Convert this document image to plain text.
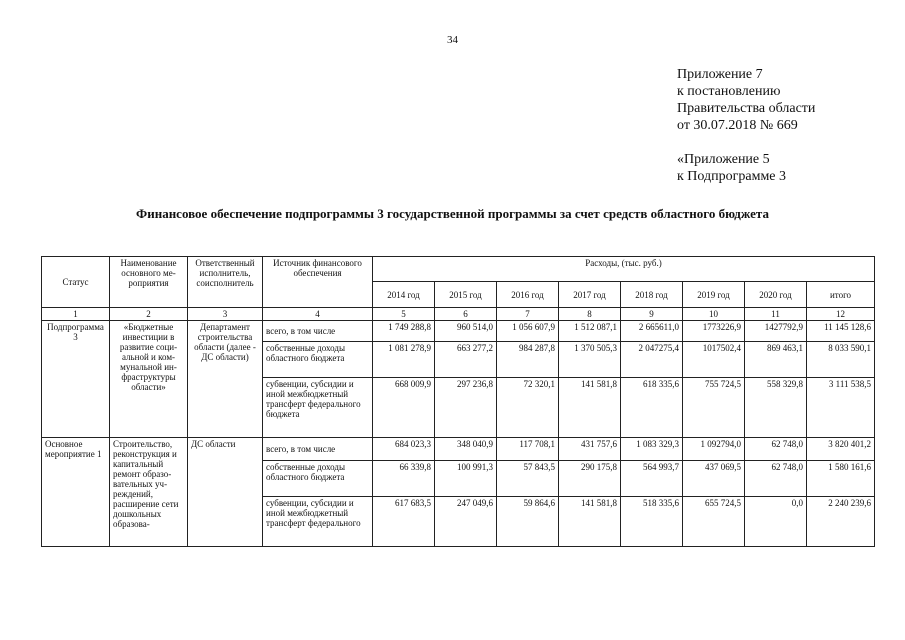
34
Приложение 7
к постановлению
Правительства области
от 30.07.2018 № 669
«Приложение 5
к Подпрограмме 3
Финансовое обеспечение подпрограммы 3 государственной программы за счет средств областного бюджета
Статус	Наименование основного мероприятия	Ответственный исполнитель, соисполнитель	Источник финансового обеспечения	Расходы, (тыс. руб.)							
				2014 год	2015 год	2016 год	2017 год	2018 год	2019 год	2020 год	итого
1	2	3	4	5	6	7	8	9	10	11	12
Подпрограмма 3	«Бюджетные инвестиции в развитие социальной и коммунальной инфраструктуры области»	Департамент строительства области (далее - ДС области)	всего, в том числе	1 749 288,8	960 514,0	1 056 607,9	1 512 087,1	2 665611,0	1773226,9	1427792,9	11 145 128,6
			собственные доходы областного бюджета	1 081 278,9	663 277,2	984 287,8	1 370 505,3	2 047275,4	1017502,4	869 463,1	8 033 590,1
			субвенции, субсидии и иной межбюджетный трансферт федерального бюджета	668 009,9	297 236,8	72 320,1	141 581,8	618 335,6	755 724,5	558 329,8	3 111 538,5
Основное мероприятие 1	Строительство, реконструкция и капитальный ремонт образовательных учреждений, расширение сети дошкольных образова-	ДС области	всего, в том числе	684 023,3	348 040,9	117 708,1	431 757,6	1 083 329,3	1 092794,0	62 748,0	3 820 401,2
			собственные доходы областного бюджета	66 339,8	100 991,3	57 843,5	290 175,8	564 993,7	437 069,5	62 748,0	1 580 161,6
			субвенции, субсидии и иной межбюджетный трансферт федерального	617 683,5	247 049,6	59 864,6	141 581,8	518 335,6	655 724,5	0,0	2 240 239,6
